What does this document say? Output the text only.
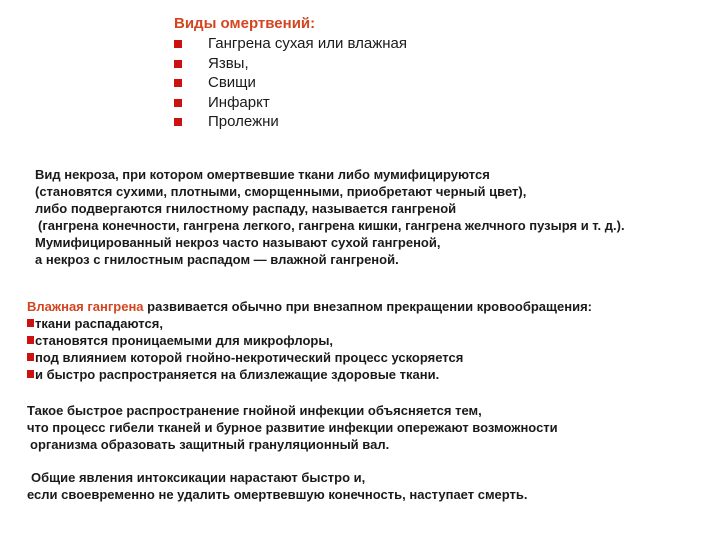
Виды омертвений:
Гангрена сухая или влажная
Язвы,
Свищи
Инфаркт
Пролежни
Вид некроза, при котором омертвевшие ткани либо мумифицируются
(становятся сухими, плотными, сморщенными, приобретают черный цвет),
либо подвергаются гнилостному распаду, называется гангреной
(гангрена конечности, гангрена легкого, гангрена кишки, гангрена желчного пузыря и т. д.).
Мумифицированный некроз часто называют сухой гангреной,
а некроз с гнилостным распадом — влажной гангреной.
Влажная гангрена развивается обычно при внезапном прекращении кровообращения:
ткани распадаются,
становятся проницаемыми для микрофлоры,
под влиянием которой гнойно-некротический процесс ускоряется
и быстро распространяется на близлежащие здоровые ткани.
Такое быстрое распространение гнойной инфекции объясняется тем,
что процесс гибели тканей и бурное развитие инфекции опережают возможности
организма образовать защитный грануляционный вал.
Общие явления интоксикации нарастают быстро и,
если своевременно не удалить омертвевшую конечность, наступает смерть.
